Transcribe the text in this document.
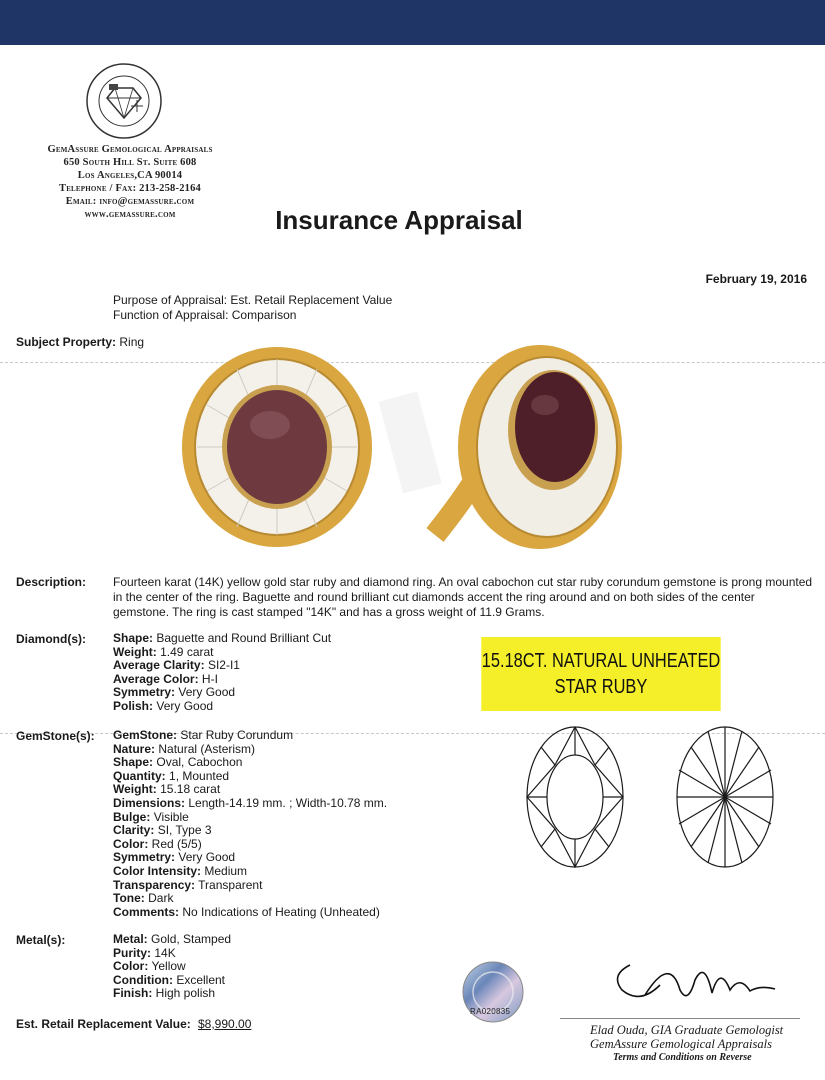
GemAssure Gemological Appraisals
650 South Hill St. Suite 608
Los Angeles,CA 90014
Telephone / Fax: 213-258-2164
Email: info@gemassure.com
www.gemassure.com	Insurance Appraisal
February 19, 2016
Purpose of Appraisal: Est. Retail Replacement Value
Function of Appraisal: Comparison
Subject Property: Ring
Description: Fourteen karat (14K) yellow gold star ruby and diamond ring. An oval cabochon cut star ruby corundum gemstone is prong mounted in the center of the ring. Baguette and round brilliant cut diamonds accent the ring around and on both sides of the center gemstone. The ring is cast stamped "14K" and has a gross weight of 11.9 Grams.
Diamond(s): Shape: Baguette and Round Brilliant Cut
Weight: 1.49 carat
Average Clarity: SI2-I1
Average Color: H-I
Symmetry: Very Good
Polish: Very Good
15.18CT. NATURAL UNHEATED
STAR RUBY
GemStone(s): GemStone: Star Ruby Corundum
Nature: Natural (Asterism)
Shape: Oval, Cabochon
Quantity: 1, Mounted
Weight: 15.18 carat
Dimensions: Length-14.19 mm. ; Width-10.78 mm.
Bulge: Visible
Clarity: SI, Type 3
Color: Red (5/5)
Symmetry: Very Good
Color Intensity: Medium
Transparency: Transparent
Tone: Dark
Comments: No Indications of Heating (Unheated)
Metal(s):	Metal: Gold, Stamped
Purity: 14K
Color: Yellow
Condition: Excellent
Finish: High polish
RA020835
Elad Ouda, GIA Graduate Gemologist
GemAssure Gemological Appraisals
Terms and Conditions on Reverse
Est. Retail Replacement Value: $8,990.00
